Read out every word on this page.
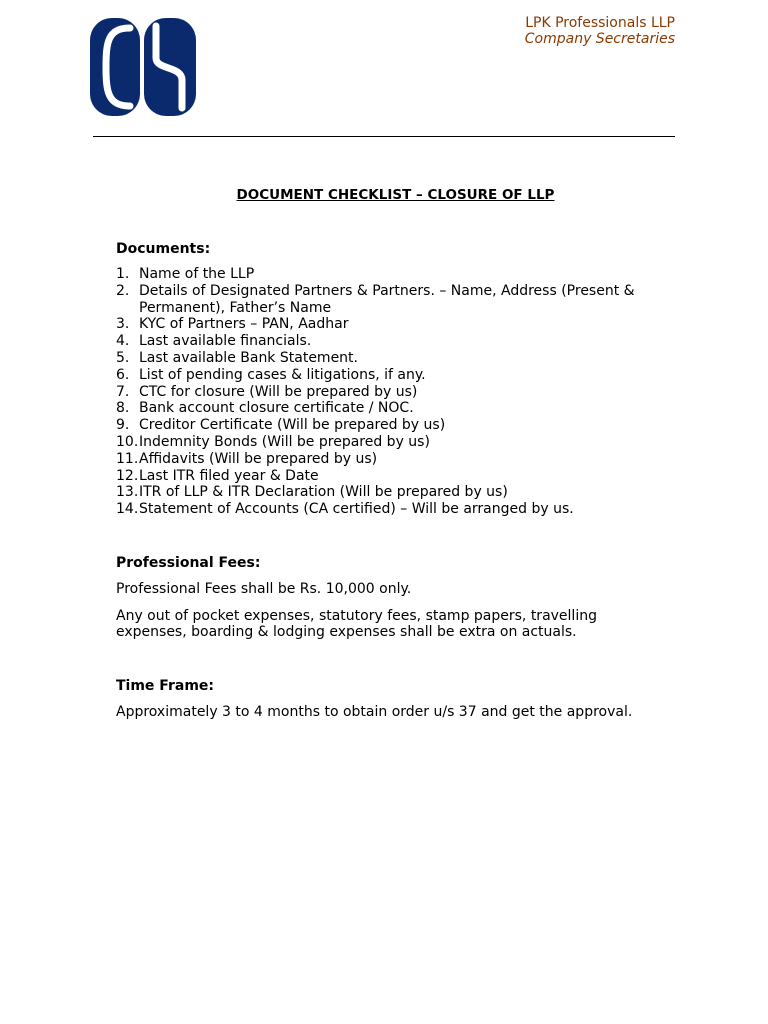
LPK Professionals LLP
Company Secretaries
DOCUMENT CHECKLIST – CLOSURE OF LLP
Documents:
1. Name of the LLP
2. Details of Designated Partners & Partners. – Name, Address (Present & Permanent), Father’s Name
3. KYC of Partners – PAN, Aadhar
4. Last available financials.
5. Last available Bank Statement.
6. List of pending cases & litigations, if any.
7. CTC for closure (Will be prepared by us)
8. Bank account closure certificate / NOC.
9. Creditor Certificate (Will be prepared by us)
10. Indemnity Bonds (Will be prepared by us)
11. Affidavits (Will be prepared by us)
12. Last ITR filed year & Date
13. ITR of LLP & ITR Declaration (Will be prepared by us)
14. Statement of Accounts (CA certified) – Will be arranged by us.
Professional Fees:

Professional Fees shall be Rs. 10,000 only.

Any out of pocket expenses, statutory fees, stamp papers, travelling expenses, boarding & lodging expenses shall be extra on actuals.

Time Frame:

Approximately 3 to 4 months to obtain order u/s 37 and get the approval.
